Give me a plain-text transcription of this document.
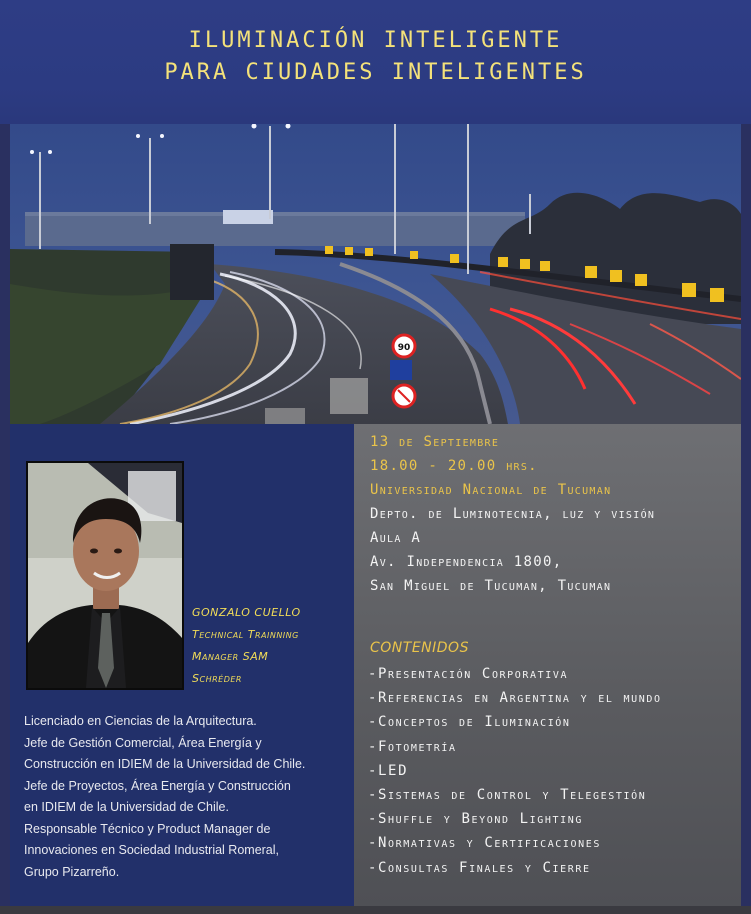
ILUMINACIÓN INTELIGENTE
PARA CIUDADES INTELIGENTES
90
GONZALO CUELLO
Technical Trainning
Manager SAM
Schréder
Licenciado en Ciencias de la Arquitectura.
Jefe de Gestión Comercial, Área Energía y
Construcción en IDIEM de la Universidad de Chile.
Jefe de Proyectos, Área Energía y Construcción
en IDIEM de la Universidad de Chile.
Responsable Técnico y Product Manager de
Innovaciones en Sociedad Industrial Romeral,
Grupo Pizarreño.
13 de Septiembre
18.00 - 20.00 hrs.
Universidad Nacional de Tucuman
Depto. de Luminotecnia, luz y visión
Aula A
Av. Independencia 1800,
San Miguel de Tucuman, Tucuman
CONTENIDOS
-Presentación Corporativa
-Referencias en Argentina y el mundo
-Conceptos de Iluminación
-Fotometría
-LED
-Sistemas de Control y Telegestión
-Shuffle y Beyond Lighting
-Normativas y Certificaciones
-Consultas Finales y Cierre
